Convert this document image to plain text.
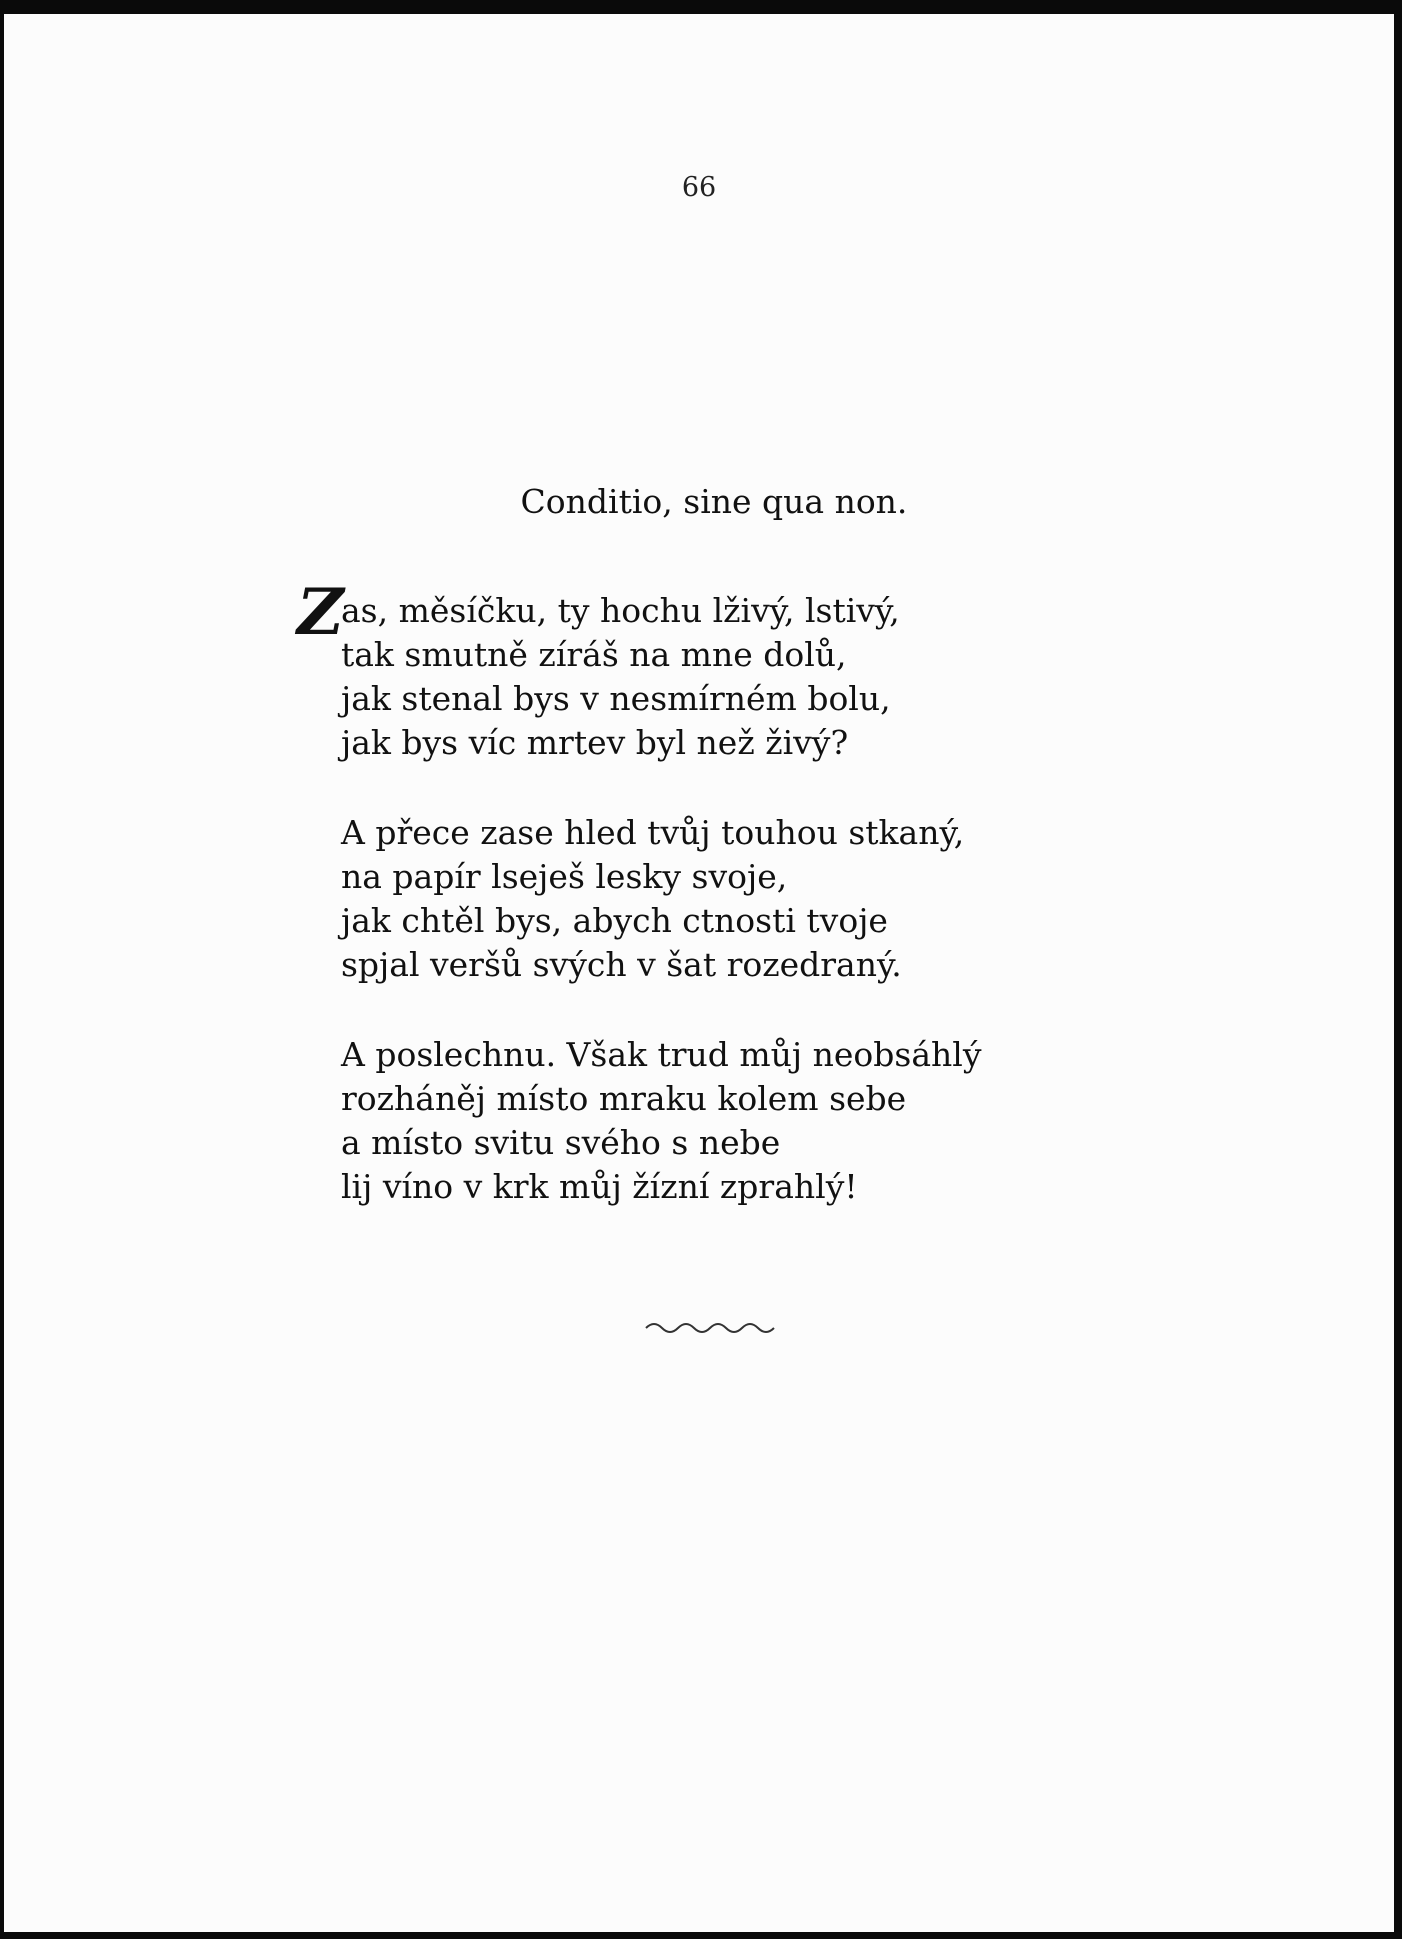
66
Conditio, sine qua non.
Z
as, měsíčku, ty hochu lživý, lstivý,
tak smutně zíráš na mne dolů,
jak stenal bys v nesmírném bolu,
jak bys víc mrtev byl než živý?
A přece zase hled tvůj touhou stkaný,
na papír lseješ lesky svoje,
jak chtěl bys, abych ctnosti tvoje
spjal veršů svých v šat rozedraný.
A poslechnu. Však trud můj neobsáhlý
rozháněj místo mraku kolem sebe
a místo svitu svého s nebe
lij víno v krk můj žízní zprahlý!
